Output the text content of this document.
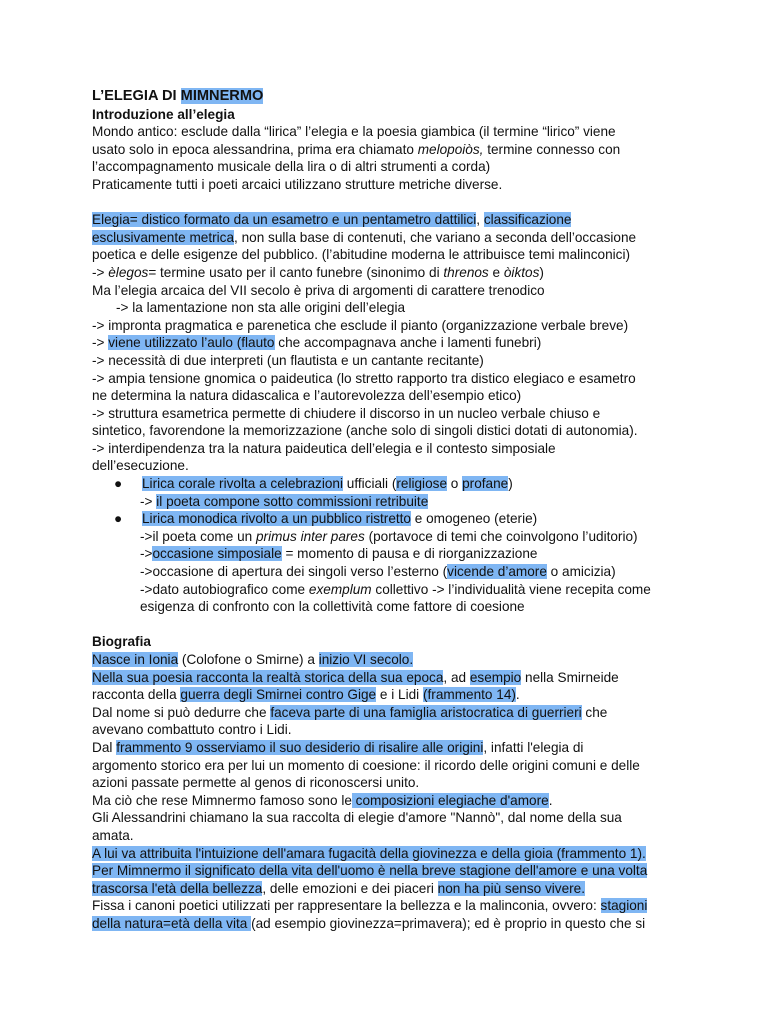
L’ELEGIA DI MIMNERMO
Introduzione all’elegia
Mondo antico: esclude dalla “lirica” l’elegia e la poesia giambica (il termine “lirico” viene
usato solo in epoca alessandrina, prima era chiamato melopoiòs, termine connesso con
l’accompagnamento musicale della lira o di altri strumenti a corda)
Praticamente tutti i poeti arcaici utilizzano strutture metriche diverse.
Elegia= distico formato da un esametro e un pentametro dattilici, classificazione
esclusivamente metrica, non sulla base di contenuti, che variano a seconda dell’occasione
poetica e delle esigenze del pubblico. (l’abitudine moderna le attribuisce temi malinconici)
-> èlegos= termine usato per il canto funebre (sinonimo di threnos e òiktos)
Ma l’elegia arcaica del VII secolo è priva di argomenti di carattere trenodico
-> la lamentazione non sta alle origini dell’elegia
-> impronta pragmatica e parenetica che esclude il pianto (organizzazione verbale breve)
-> viene utilizzato l’aulo (flauto che accompagnava anche i lamenti funebri)
-> necessità di due interpreti (un flautista e un cantante recitante)
-> ampia tensione gnomica o paideutica (lo stretto rapporto tra distico elegiaco e esametro
ne determina la natura didascalica e l’autorevolezza dell’esempio etico)
-> struttura esametrica permette di chiudere il discorso in un nucleo verbale chiuso e
sintetico, favorendone la memorizzazione (anche solo di singoli distici dotati di autonomia).
-> interdipendenza tra la natura paideutica dell’elegia e il contesto simposiale
dell’esecuzione.
● Lirica corale rivolta a celebrazioni ufficiali (religiose o profane)
-> il poeta compone sotto commissioni retribuite
● Lirica monodica rivolto a un pubblico ristretto e omogeneo (eterie)
->il poeta come un primus inter pares (portavoce di temi che coinvolgono l’uditorio)
->occasione simposiale = momento di pausa e di riorganizzazione
->occasione di apertura dei singoli verso l’esterno (vicende d’amore o amicizia)
->dato autobiografico come exemplum collettivo -> l’individualità viene recepita come
esigenza di confronto con la collettività come fattore di coesione
Biografia
Nasce in Ionia (Colofone o Smirne) a inizio VI secolo.
Nella sua poesia racconta la realtà storica della sua epoca, ad esempio nella Smirneide
racconta della guerra degli Smirnei contro Gige e i Lidi (frammento 14).
Dal nome si può dedurre che faceva parte di una famiglia aristocratica di guerrieri che
avevano combattuto contro i Lidi.
Dal frammento 9 osserviamo il suo desiderio di risalire alle origini, infatti l'elegia di
argomento storico era per lui un momento di coesione: il ricordo delle origini comuni e delle
azioni passate permette al genos di riconoscersi unito.
Ma ciò che rese Mimnermo famoso sono le composizioni elegiache d'amore.
Gli Alessandrini chiamano la sua raccolta di elegie d'amore "Nannò", dal nome della sua
amata.
A lui va attribuita l'intuizione dell'amara fugacità della giovinezza e della gioia (frammento 1).
Per Mimnermo il significato della vita dell'uomo è nella breve stagione dell'amore e una volta
trascorsa l'età della bellezza, delle emozioni e dei piaceri non ha più senso vivere.
Fissa i canoni poetici utilizzati per rappresentare la bellezza e la malinconia, ovvero: stagioni
della natura=età della vita (ad esempio giovinezza=primavera); ed è proprio in questo che si
